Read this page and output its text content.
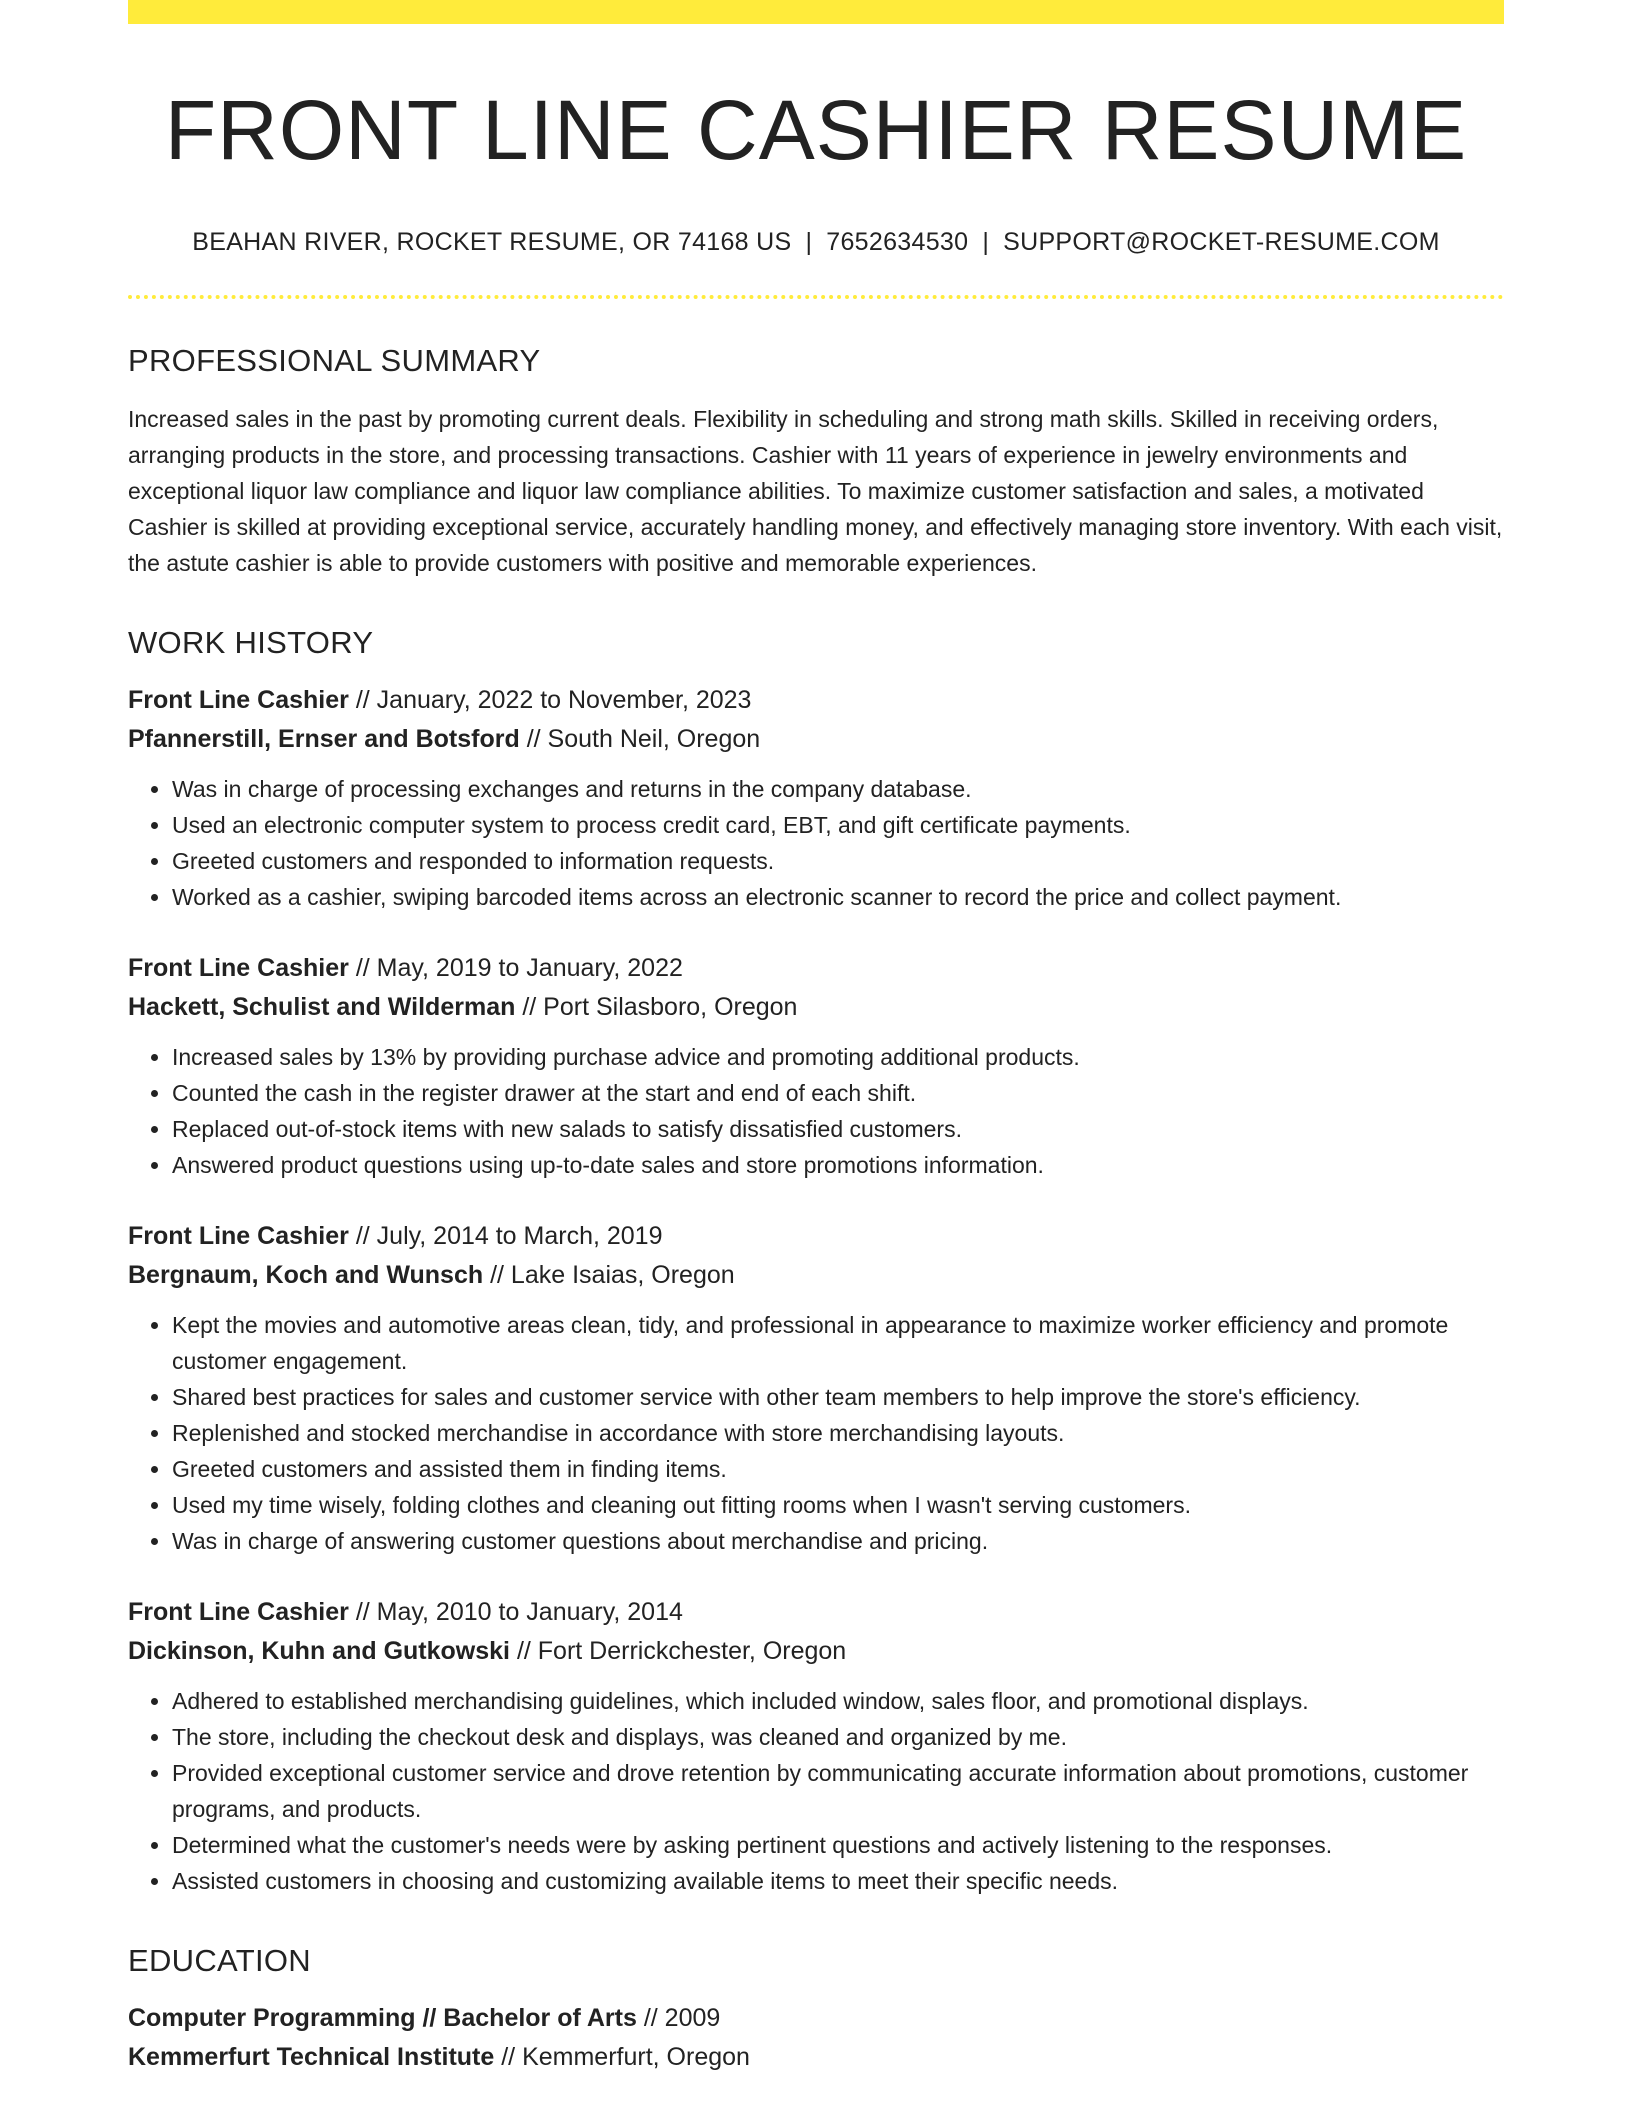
FRONT LINE CASHIER RESUME
BEAHAN RIVER, ROCKET RESUME, OR 74168 US | 7652634530 | SUPPORT@ROCKET-RESUME.COM
PROFESSIONAL SUMMARY
Increased sales in the past by promoting current deals. Flexibility in scheduling and strong math skills. Skilled in receiving orders, arranging products in the store, and processing transactions. Cashier with 11 years of experience in jewelry environments and exceptional liquor law compliance and liquor law compliance abilities. To maximize customer satisfaction and sales, a motivated Cashier is skilled at providing exceptional service, accurately handling money, and effectively managing store inventory. With each visit, the astute cashier is able to provide customers with positive and memorable experiences.
WORK HISTORY
Front Line Cashier // January, 2022 to November, 2023
Pfannerstill, Ernser and Botsford // South Neil, Oregon
• Was in charge of processing exchanges and returns in the company database.
• Used an electronic computer system to process credit card, EBT, and gift certificate payments.
• Greeted customers and responded to information requests.
• Worked as a cashier, swiping barcoded items across an electronic scanner to record the price and collect payment.
Front Line Cashier // May, 2019 to January, 2022
Hackett, Schulist and Wilderman // Port Silasboro, Oregon
• Increased sales by 13% by providing purchase advice and promoting additional products.
• Counted the cash in the register drawer at the start and end of each shift.
• Replaced out-of-stock items with new salads to satisfy dissatisfied customers.
• Answered product questions using up-to-date sales and store promotions information.
Front Line Cashier // July, 2014 to March, 2019
Bergnaum, Koch and Wunsch // Lake Isaias, Oregon
• Kept the movies and automotive areas clean, tidy, and professional in appearance to maximize worker efficiency and promote customer engagement.
• Shared best practices for sales and customer service with other team members to help improve the store's efficiency.
• Replenished and stocked merchandise in accordance with store merchandising layouts.
• Greeted customers and assisted them in finding items.
• Used my time wisely, folding clothes and cleaning out fitting rooms when I wasn't serving customers.
• Was in charge of answering customer questions about merchandise and pricing.
Front Line Cashier // May, 2010 to January, 2014
Dickinson, Kuhn and Gutkowski // Fort Derrickchester, Oregon
• Adhered to established merchandising guidelines, which included window, sales floor, and promotional displays.
• The store, including the checkout desk and displays, was cleaned and organized by me.
• Provided exceptional customer service and drove retention by communicating accurate information about promotions, customer programs, and products.
• Determined what the customer's needs were by asking pertinent questions and actively listening to the responses.
• Assisted customers in choosing and customizing available items to meet their specific needs.
EDUCATION
Computer Programming // Bachelor of Arts // 2009
Kemmerfurt Technical Institute // Kemmerfurt, Oregon
